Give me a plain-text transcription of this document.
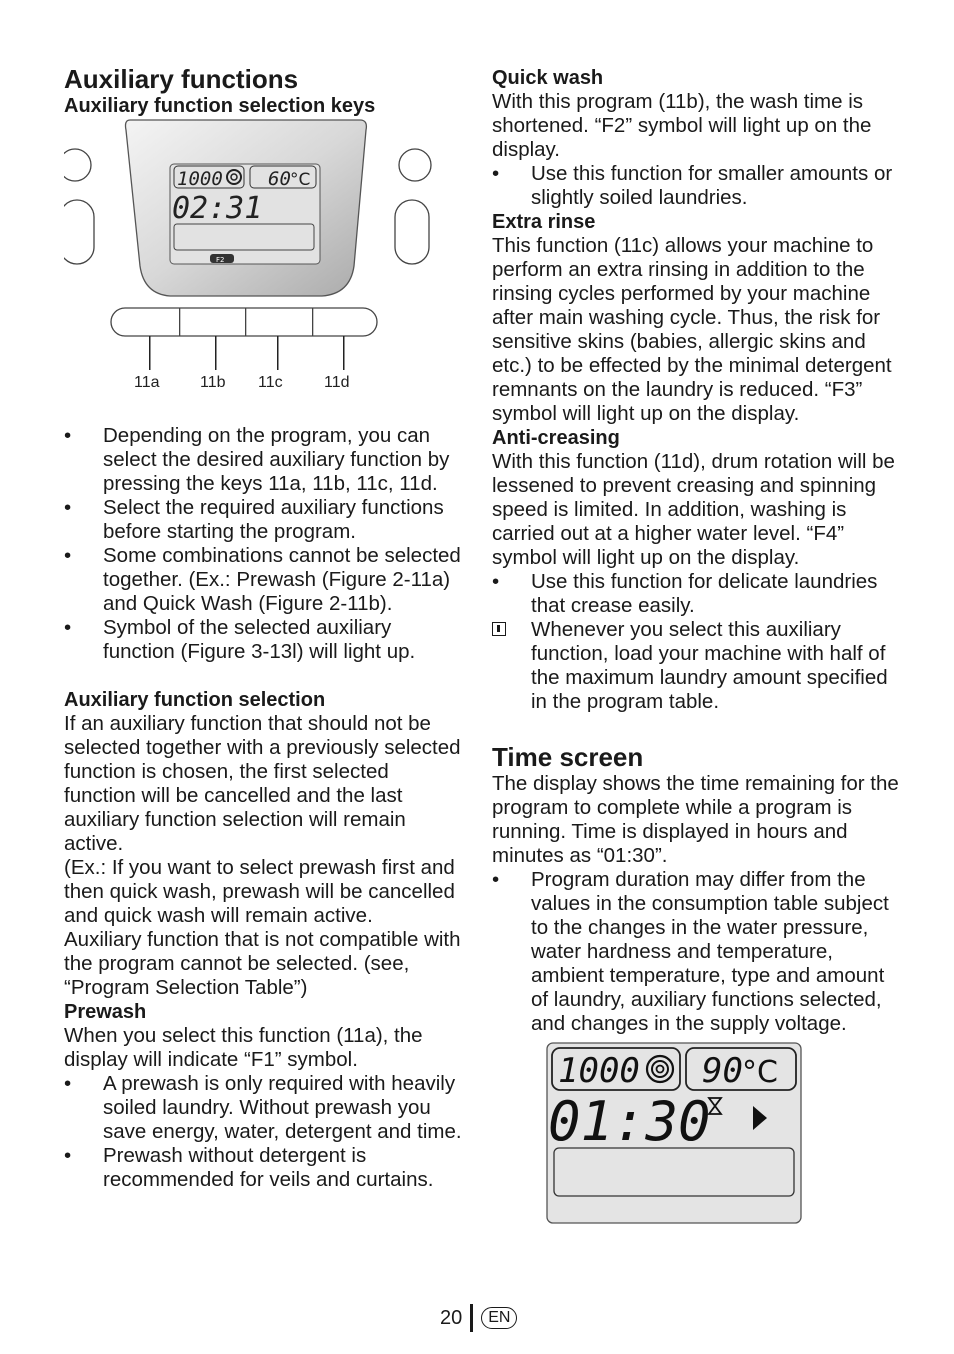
Auxiliary functions
Auxiliary function selection keys
1000 60 °C
02:31
F2
11a	11b 11c	11d
•	Depending on the program, you can select the desired auxiliary function by pressing the keys 11a, 11b, 11c, 11d.
•	Select the required auxiliary functions before starting the program.
•	Some combinations cannot be selected together. (Ex.: Prewash (Figure 2-11a) and Quick Wash (Figure 2-11b).
•	Symbol of the selected auxiliary function (Figure 3-13l) will light up.
Auxiliary function selection

If an auxiliary function that should not be selected together with a previously selected function is chosen, the first selected function will be cancelled and the last auxiliary function selection will remain active.

(Ex.: If you want to select prewash first and then quick wash, prewash will be cancelled and quick wash will remain active.

Auxiliary function that is not compatible with the program cannot be selected. (see, “Program Selection Table”)

Prewash

When you select this function (11a), the display will indicate “F1” symbol.

•	A prewash is only required with heavily soiled laundry. Without prewash you save energy, water, detergent and time.
•	Prewash without detergent is recommended for veils and curtains.
Quick wash

With this program (11b), the wash time is shortened. “F2” symbol will light up on the display.

•	Use this function for smaller amounts or slightly soiled laundries.
Extra rinse

This function (11c) allows your machine to perform an extra rinsing in addition to the rinsing cycles performed by your machine after main washing cycle. Thus, the risk for sensitive skins (babies, allergic skins and etc.) to be effected by the minimal detergent remnants on the laundry is reduced. “F3” symbol will light up on the display.

Anti-creasing

With this function (11d), drum rotation will be lessened to prevent creasing and spinning speed is limited. In addition, washing is carried out at a higher water level. “F4” symbol will light up on the display.

•	Use this function for delicate laundries that crease easily.
Whenever you select this auxiliary function, load your machine with half of the maximum laundry amount specified in the program table.
Time screen

The display shows the time remaining for the program to complete while a program is running. Time is displayed in hours and minutes as “01:30”.

•	Program duration may differ from the values in the consumption table subject to the changes in the water pressure, water hardness and temperature, ambient temperature, type and amount of laundry, auxiliary functions selected, and changes in the supply voltage.
1000 90 °C
01:30
20	EN
